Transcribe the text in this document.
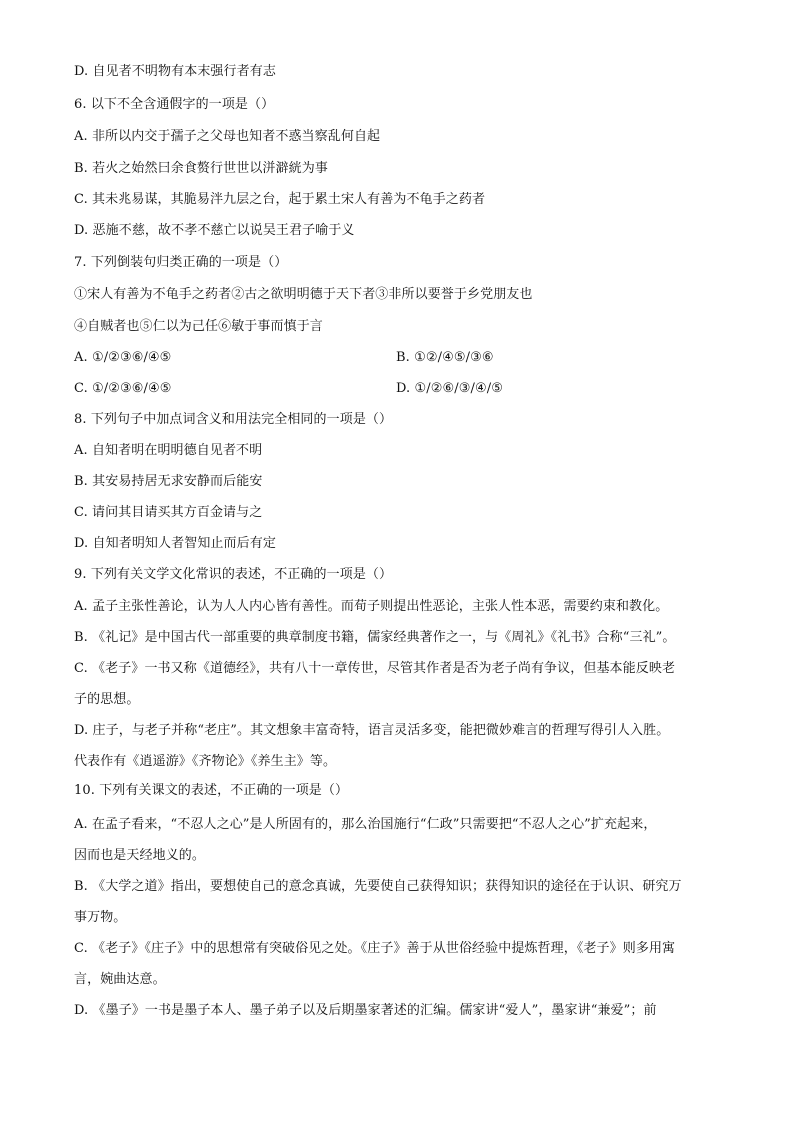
D. 自见者不明物有本末强行者有志
6. 以下不全含通假字的一项是（）
A. 非所以内交于孺子之父母也知者不惑当察乱何自起
B. 若火之始然曰余食赘行世世以洴澼絖为事
C. 其未兆易谋，其脆易泮九层之台，起于累土宋人有善为不龟手之药者
D. 恶施不慈，故不孝不慈亡以说吴王君子喻于义
7. 下列倒装句归类正确的一项是（）
①宋人有善为不龟手之药者②古之欲明明德于天下者③非所以要誉于乡党朋友也
④自贼者也⑤仁以为己任⑥敏于事而慎于言
A. ①/②③⑥/④⑤	B. ①②/④⑤/③⑥
C. ①/②③⑥/④⑤	D. ①/②⑥/③/④/⑤
8. 下列句子中加点词含义和用法完全相同的一项是（）
A. 自知者明在明明德自见者不明
B. 其安易持居无求安静而后能安
C. 请问其目请买其方百金请与之
D. 自知者明知人者智知止而后有定
9. 下列有关文学文化常识的表述，不正确的一项是（）
A. 孟子主张性善论，认为人人内心皆有善性。而荀子则提出性恶论，主张人性本恶，需要约束和教化。
B. 《礼记》是中国古代一部重要的典章制度书籍，儒家经典著作之一，与《周礼》《礼书》合称“三礼”。
C. 《老子》一书又称《道德经》，共有八十一章传世，尽管其作者是否为老子尚有争议，但基本能反映老
子的思想。
D. 庄子，与老子并称“老庄”。其文想象丰富奇特，语言灵活多变，能把微妙难言的哲理写得引人入胜。
代表作有《逍遥游》《齐物论》《养生主》等。
10. 下列有关课文的表述，不正确的一项是（）
A. 在孟子看来，“不忍人之心”是人所固有的，那么治国施行“仁政”只需要把“不忍人之心”扩充起来，
因而也是天经地义的。
B. 《大学之道》指出，要想使自己的意念真诚，先要使自己获得知识；获得知识的途径在于认识、研究万
事万物。
C. 《老子》《庄子》中的思想常有突破俗见之处。《庄子》善于从世俗经验中提炼哲理，《老子》则多用寓
言，婉曲达意。
D. 《墨子》一书是墨子本人、墨子弟子以及后期墨家著述的汇编。儒家讲“爱人”，墨家讲“兼爱”；前
